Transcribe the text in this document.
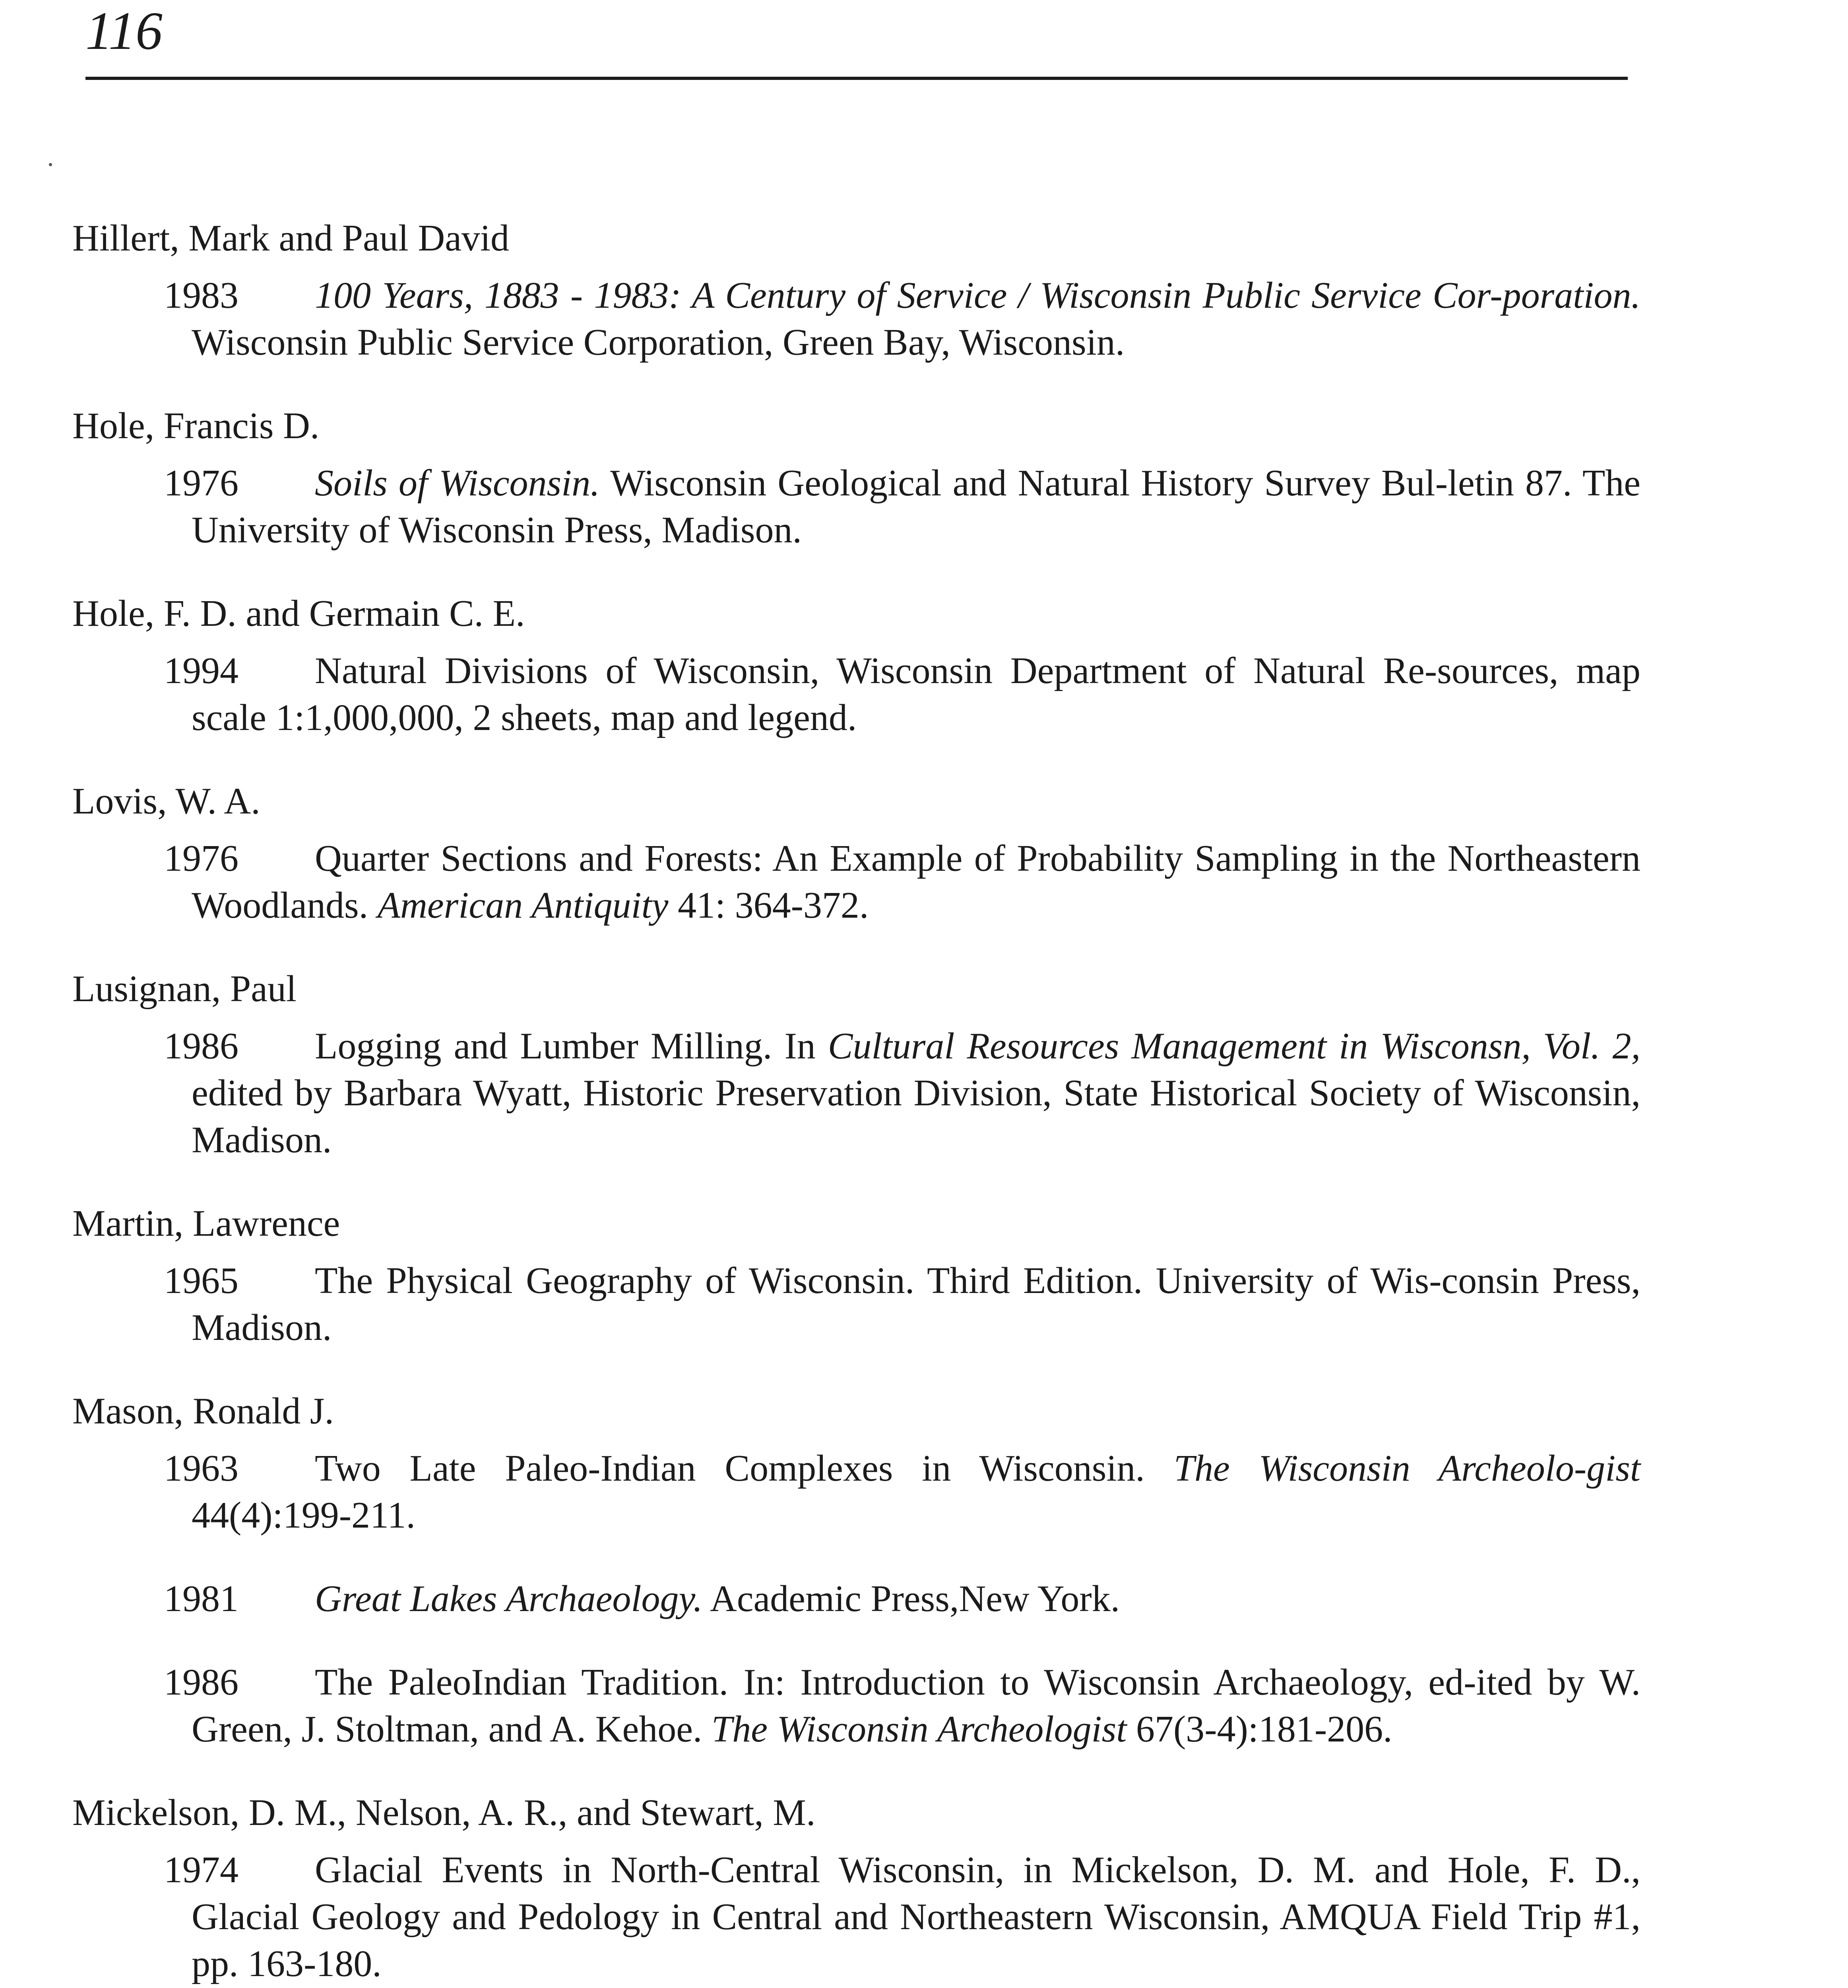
116

Hillert, Mark and Paul David

1983 100 Years, 1883 - 1983: A Century of Service / Wisconsin Public Service Cor-poration. Wisconsin Public Service Corporation, Green Bay, Wisconsin.

Hole, Francis D.

1976 Soils of Wisconsin. Wisconsin Geological and Natural History Survey Bul-letin 87. The University of Wisconsin Press, Madison.

Hole, F. D. and Germain C. E.

1994 Natural Divisions of Wisconsin, Wisconsin Department of Natural Re-sources, map scale 1:1,000,000, 2 sheets, map and legend.

Lovis, W. A.

1976 Quarter Sections and Forests: An Example of Probability Sampling in the Northeastern Woodlands. American Antiquity 41: 364-372.

Lusignan, Paul

1986 Logging and Lumber Milling. In Cultural Resources Management in Wisconsn, Vol. 2, edited by Barbara Wyatt, Historic Preservation Division, State Historical Society of Wisconsin, Madison.

Martin, Lawrence

1965 The Physical Geography of Wisconsin. Third Edition. University of Wis-consin Press, Madison.

Mason, Ronald J.

1963 Two Late Paleo-Indian Complexes in Wisconsin. The Wisconsin Archeolo-gist 44(4):199-211.

1981 Great Lakes Archaeology. Academic Press,New York.

1986 The PaleoIndian Tradition. In: Introduction to Wisconsin Archaeology, ed-ited by W. Green, J. Stoltman, and A. Kehoe. The Wisconsin Archeologist 67(3-4):181-206.

Mickelson, D. M., Nelson, A. R., and Stewart, M.

1974 Glacial Events in North-Central Wisconsin, in Mickelson, D. M. and Hole, F. D., Glacial Geology and Pedology in Central and Northeastern Wisconsin, AMQUA Field Trip #1, pp. 163-180.
